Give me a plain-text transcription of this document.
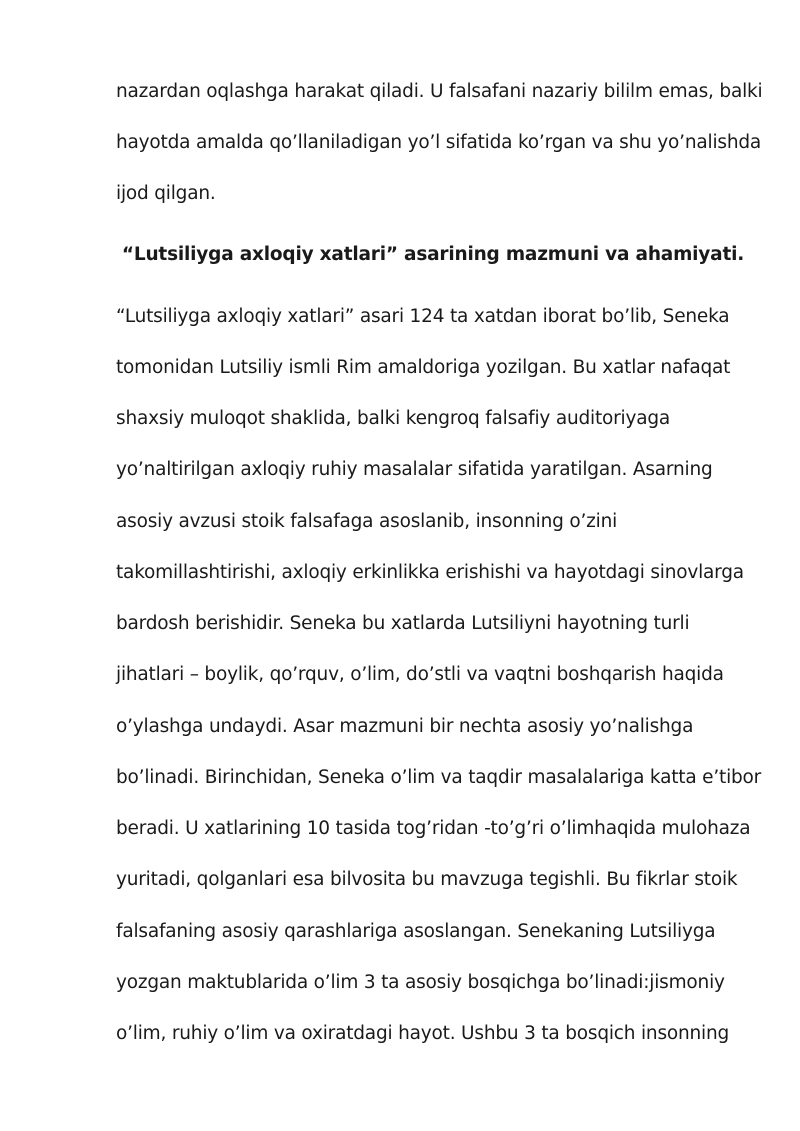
nazardan oqlashga harakat qiladi. U falsafani nazariy bililm emas, balki
hayotda amalda qo’llaniladigan yo’l sifatida ko’rgan va shu yo’nalishda
ijod qilgan.
“Lutsiliyga axloqiy xatlari” asarining mazmuni va ahamiyati.
“Lutsiliyga axloqiy xatlari” asari 124 ta xatdan iborat bo’lib, Seneka
tomonidan Lutsiliy ismli Rim amaldoriga yozilgan. Bu xatlar nafaqat
shaxsiy muloqot shaklida, balki kengroq falsafiy auditoriyaga
yo’naltirilgan axloqiy ruhiy masalalar sifatida yaratilgan. Asarning
asosiy avzusi stoik falsafaga asoslanib, insonning o’zini
takomillashtirishi, axloqiy erkinlikka erishishi va hayotdagi sinovlarga
bardosh berishidir. Seneka bu xatlarda Lutsiliyni hayotning turli
jihatlari – boylik, qo’rquv, o’lim, do’stli va vaqtni boshqarish haqida
o’ylashga undaydi. Asar mazmuni bir nechta asosiy yo’nalishga
bo’linadi. Birinchidan, Seneka o’lim va taqdir masalalariga katta e’tibor
beradi. U xatlarining 10 tasida tog’ridan -to’g’ri o’limhaqida mulohaza
yuritadi, qolganlari esa bilvosita bu mavzuga tegishli. Bu fikrlar stoik
falsafaning asosiy qarashlariga asoslangan. Senekaning Lutsiliyga
yozgan maktublarida o’lim 3 ta asosiy bosqichga bo’linadi:jismoniy
o’lim, ruhiy o’lim va oxiratdagi hayot. Ushbu 3 ta bosqich insonning
